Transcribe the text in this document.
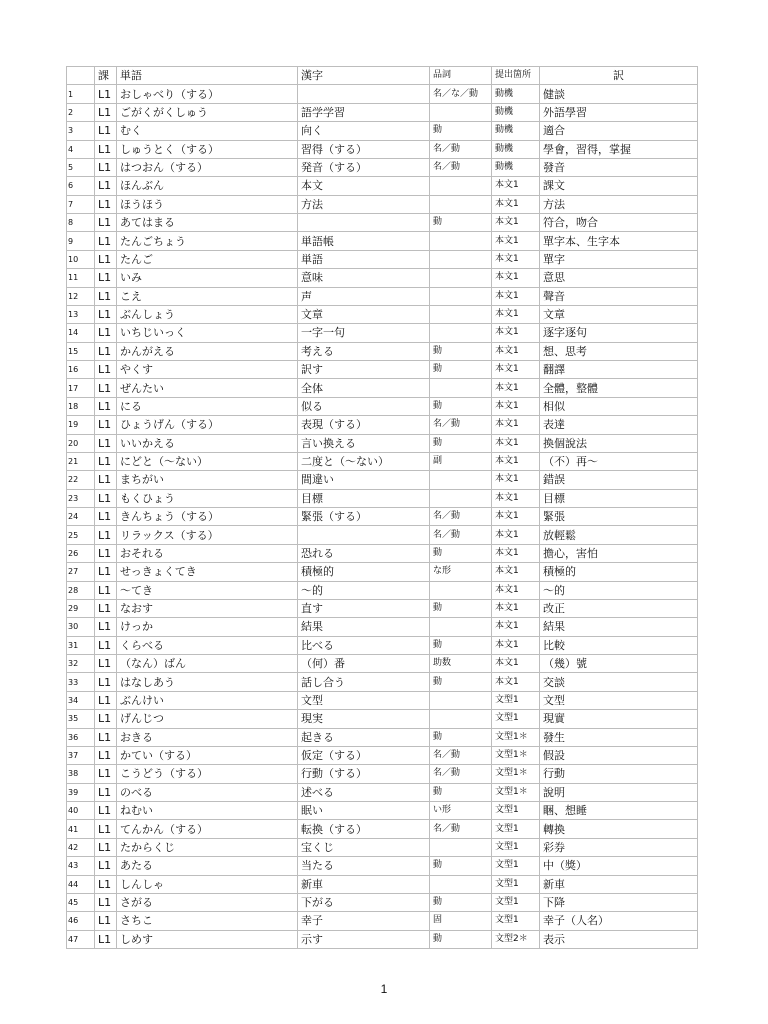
	課	単語	漢字	品詞	提出箇所	訳
1	L1	おしゃべり（する）		名／な／動	動機	健談
2	L1	ごがくがくしゅう	語学学習		動機	外語學習
3	L1	むく	向く	動	動機	適合
4	L1	しゅうとく（する）	習得（する）	名／動	動機	學會，習得，掌握
5	L1	はつおん（する）	発音（する）	名／動	動機	發音
6	L1	ほんぶん	本文		本文1	課文
7	L1	ほうほう	方法		本文1	方法
8	L1	あてはまる		動	本文1	符合，吻合
9	L1	たんごちょう	単語帳		本文1	單字本、生字本
10	L1	たんご	単語		本文1	單字
11	L1	いみ	意味		本文1	意思
12	L1	こえ	声		本文1	聲音
13	L1	ぶんしょう	文章		本文1	文章
14	L1	いちじいっく	一字一句		本文1	逐字逐句
15	L1	かんがえる	考える	動	本文1	想、思考
16	L1	やくす	訳す	動	本文1	翻譯
17	L1	ぜんたい	全体		本文1	全體，整體
18	L1	にる	似る	動	本文1	相似
19	L1	ひょうげん（する）	表現（する）	名／動	本文1	表達
20	L1	いいかえる	言い換える	動	本文1	換個說法
21	L1	にどと（～ない）	二度と（～ない）	副	本文1	（不）再～
22	L1	まちがい	間違い		本文1	錯誤
23	L1	もくひょう	目標		本文1	目標
24	L1	きんちょう（する）	緊張（する）	名／動	本文1	緊張
25	L1	リラックス（する）		名／動	本文1	放輕鬆
26	L1	おそれる	恐れる	動	本文1	擔心，害怕
27	L1	せっきょくてき	積極的	な形	本文1	積極的
28	L1	～てき	～的		本文1	～的
29	L1	なおす	直す	動	本文1	改正
30	L1	けっか	結果		本文1	結果
31	L1	くらべる	比べる	動	本文1	比較
32	L1	（なん）ばん	（何）番	助数	本文1	（幾）號
33	L1	はなしあう	話し合う	動	本文1	交談
34	L1	ぶんけい	文型		文型1	文型
35	L1	げんじつ	現実		文型1	現實
36	L1	おきる	起きる	動	文型1＊	發生
37	L1	かてい（する）	仮定（する）	名／動	文型1＊	假設
38	L1	こうどう（する）	行動（する）	名／動	文型1＊	行動
39	L1	のべる	述べる	動	文型1＊	說明
40	L1	ねむい	眠い	い形	文型1	睏、想睡
41	L1	てんかん（する）	転換（する）	名／動	文型1	轉換
42	L1	たからくじ	宝くじ		文型1	彩券
43	L1	あたる	当たる	動	文型1	中（獎）
44	L1	しんしゃ	新車		文型1	新車
45	L1	さがる	下がる	動	文型1	下降
46	L1	さちこ	幸子	固	文型1	幸子（人名）
47	L1	しめす	示す	動	文型2＊	表示
1
